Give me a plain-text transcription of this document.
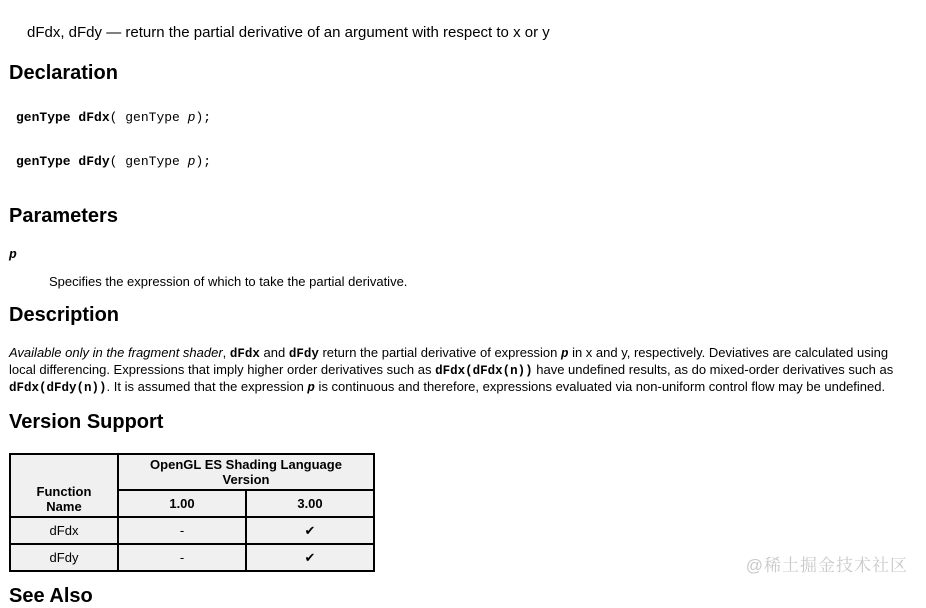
dFdx, dFdy — return the partial derivative of an argument with respect to x or y
Declaration
genType dFdx( genType p);
genType dFdy( genType p);
Parameters
p
Specifies the expression of which to take the partial derivative.
Description

Available only in the fragment shader, dFdx and dFdy return the partial derivative of expression p in x and y, respectively. Deviatives are calculated using local differencing. Expressions that imply higher order derivatives such as dFdx(dFdx(n)) have undefined results, as do mixed-order derivatives such as dFdx(dFdy(n)). It is assumed that the expression p is continuous and therefore, expressions evaluated via non-uniform control flow may be undefined.

Version Support
Function Name	OpenGL ES Shading Language Version	
	1.00	3.00
dFdx	-	✔
dFdy	-	✔
See Also
@稀土掘金技术社区
